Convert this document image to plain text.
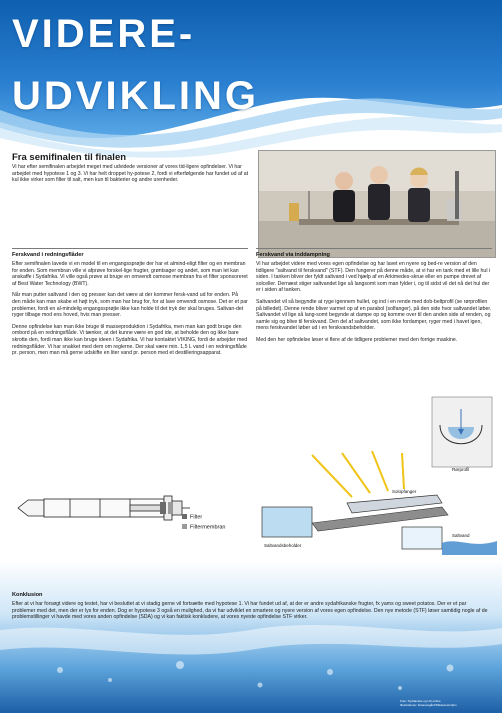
VIDERE-
UDVIKLING
Fra semifinalen til finalen
Vi har efter semifinalen arbejdet meget med udvidede versioner af vores tid-ligere opfindelser. Vi har arbejdet med hypotese 1 og 3. Vi har helt droppet hy-potese 2, fordi vi efterfølgende har fundet ud af at kul ikke virker som filter til salt, men kun til bakterier og andre urenheder.
Ferskvand i redningsflåder

Efter semifinalen lavede vi en model til en engangssprøjte der har et almind-eligt filter og en membran for enden. Som membran ville vi afprøve forskel-lige frugter, grøntsager og andet, som man let kan anskaffe i Sydafrika. Vi ville også prøve at bruge en omvendt osmose membran fra et filter sponsoreret af Best Water Technology (BWT).

Når man putter saltvand i den og presser kan det være at der kommer fersk-vand ud for enden. På den måde kan man skabe et højt tryk, som man har brug for, for at lave omvendt osmose. Det er et par problemer, fordi en al-mindelig engangssprøjte ikke kan holde til det tryk der skal bruges. Saltvan-det ryger tilbage mod ens hoved, hvis man presser.

Denne opfindelse kan man ikke bruge til masseproduktion i Sydafrika, men man kan godt bruge den ombord på en redningsflåde. Vi tænker, at det kunne være en god ide, at beholde den og ikke bare skrotte den, fordi man ikke kan bruge ideen i Sydafrika. Vi har kontaktet VIKING, fordi de arbejder med redningsflåder. Vi har snakket med dem om reglerne. Der skal være min. 1,5 L vand i en redningsflåde pr. person, men man må gerne udskifte en liter vand pr. person med et destilleringsapparat.

Ferskvand via inddampning

Vi har arbejdet videre med vores egen opfindelse og har lavet en nyere og bed-re version af den tidligere "saltvand til ferskvand" (STF). Den fungerer på denne måde, at vi har en tank med et lille hul i siden. I tanken bliver der fyldt saltvand i ved hjælp af en Arkimedes-skrue eller en pumpe drevet af solceller. Dernæst stiger saltvandet lige så langsomt som man fylder i, og til sidst vil det nå det hul der er i siden af tanken.

Saltvandet vil så begyndte at ryge igennem hullet, og ind i en rende med dob-beltprofil (se rørprofilen på billedet). Denne rende bliver varmet op af en parabol (solfanger), på den side hvor saltvandet løber. Saltvandet vil lige så lang-somt begynde at dampe op og komme over til den anden side af renden, og samle sig og blive til ferskvand. Den del af saltvandet, som ikke fordamper, ryger med i havet igen, mens ferskvandet løber ud i en ferskvandsbeholder.

Med den her opfindelse løser vi flere af de tidligere problemer med den forrige maskine.

Filter
Filtermembran
Rørprofil
Solopfanger
Saltvandsbeholder
Saltvand
Konklusion
Efter at vi har forsøgt videre og testet, har vi besluttet at vi stadig gerne vil fortsætte med hypotese 1. Vi har fundet ud af, at der er andre sydafrikanske frugter, fx yams og sweet potatos. Der er et par problemer med det, men der er lys for enden. Dog er hypotese 3 også en mulighed, da vi har udviklet en smartere og nyere version af vores egen opfindelse. Den nye metode (STF) løser samtidig nogle af de problemstillinger vi havde med vores anden opfindelse (SDA) og vi kan faktisk konkludere, at vores nyeste opfindelse STF virker.
Foto: Syddanske og Ucl.online
Illustrationer: Ersanesgård/Stikteam/enlam
